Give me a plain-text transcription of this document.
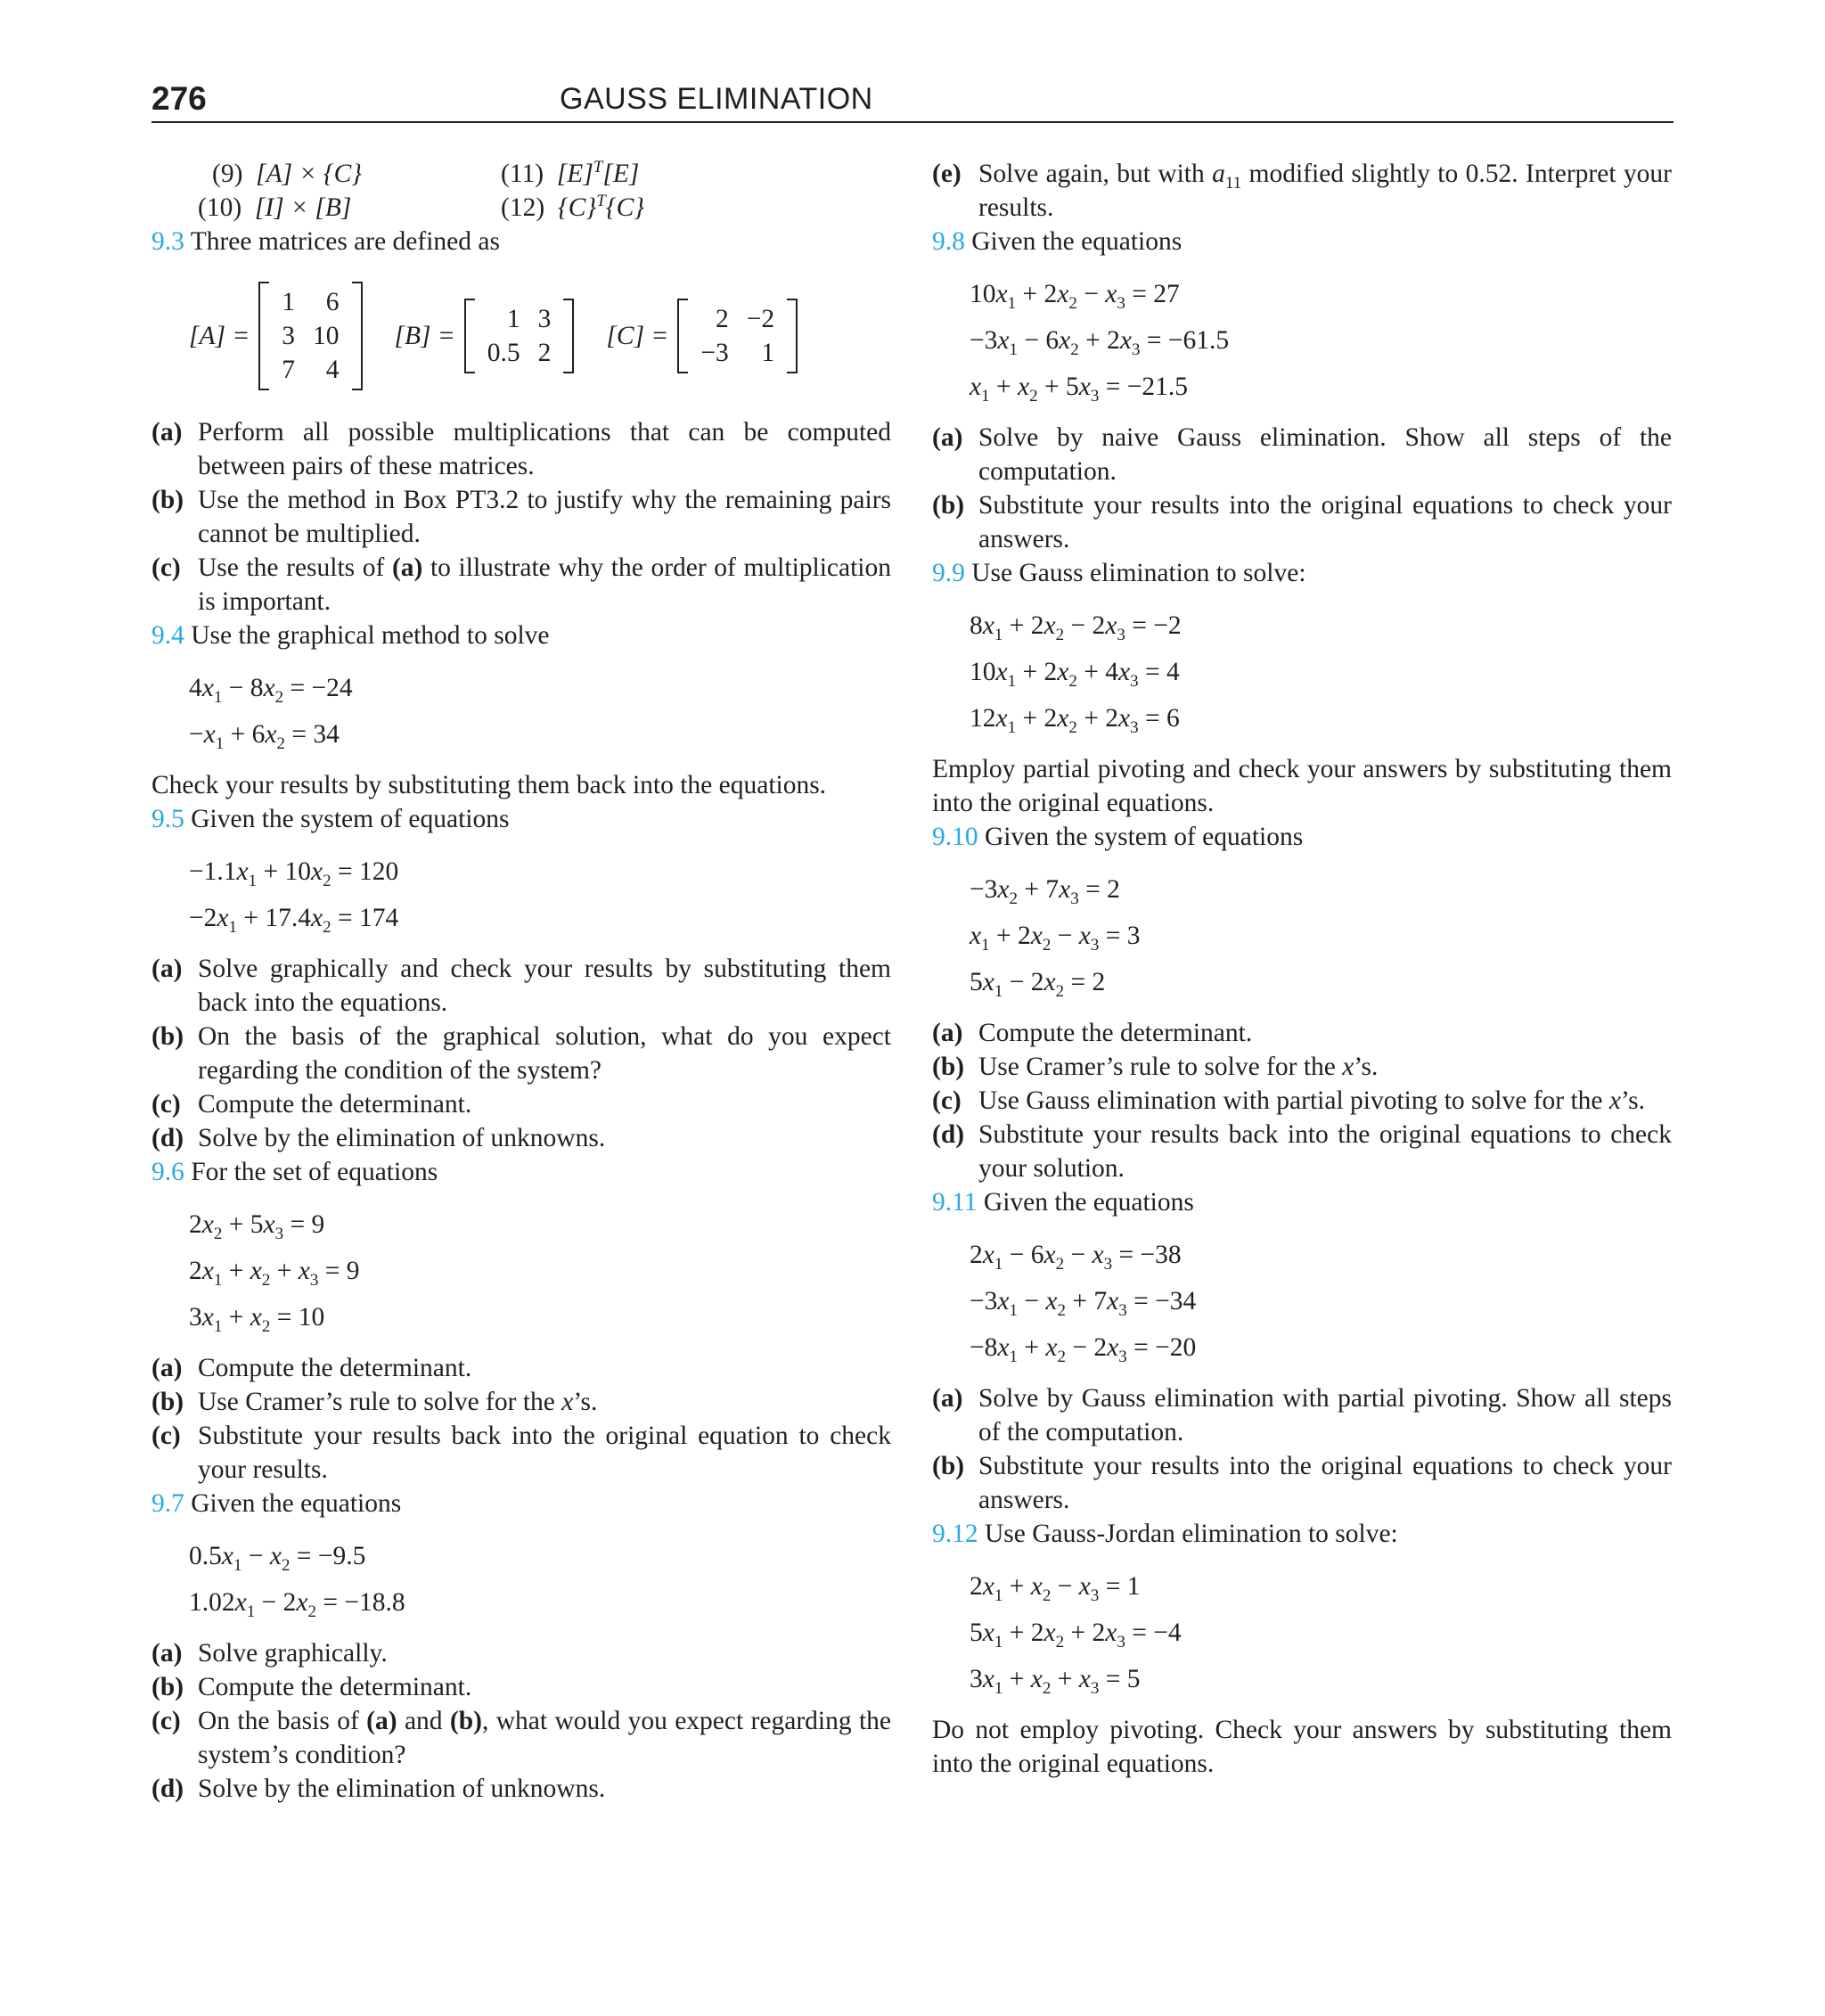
276	GAUSS ELIMINATION
(9) [A] × {C}	(11) $[E]^T[E]$
(10) [I] × [B]	(12) $\{C\}^T\{C\}$
9.3 Three matrices are defined as
[A] =
1	6
3	10
7	4
[B] =
1	3
0.5	2
[C] =
2	−2
−3	1
(a) Perform all possible multiplications that can be computed between pairs of these matrices.
(b) Use the method in Box PT3.2 to justify why the remaining pairs cannot be multiplied.
(c) Use the results of (a) to illustrate why the order of multiplication is important.
9.4 Use the graphical method to solve
$4x_1 - 8x_2 = -24$
$-x_1 + 6x_2 = 34$
Check your results by substituting them back into the equations.
9.5 Given the system of equations
$-1.1x_1 + 10x_2 = 120$
$-2x_1 + 17.4x_2 = 174$
(a) Solve graphically and check your results by substituting them back into the equations.
(b) On the basis of the graphical solution, what do you expect regarding the condition of the system?
(c) Compute the determinant.
(d) Solve by the elimination of unknowns.
9.6 For the set of equations
$2x_2 + 5x_3 = 9$
$2x_1 + x_2 + x_3 = 9$
$3x_1 + x_2 = 10$
(a) Compute the determinant.
(b) Use Cramer’s rule to solve for the x’s.
(c) Substitute your results back into the original equation to check your results.
9.7 Given the equations
$0.5x_1 - x_2 = -9.5$
$1.02x_1 - 2x_2 = -18.8$
(a) Solve graphically.
(b) Compute the determinant.
(c) On the basis of (a) and (b), what would you expect regarding the system’s condition?
(d) Solve by the elimination of unknowns.
(e) Solve again, but with $a_{11}$ modified slightly to 0.52. Interpret your results.
9.8 Given the equations
$10x_1 + 2x_2 - x_3 = 27$
$-3x_1 - 6x_2 + 2x_3 = -61.5$
$x_1 + x_2 + 5x_3 = -21.5$
(a) Solve by naive Gauss elimination. Show all steps of the computation.
(b) Substitute your results into the original equations to check your answers.
9.9 Use Gauss elimination to solve:
$8x_1 + 2x_2 - 2x_3 = -2$
$10x_1 + 2x_2 + 4x_3 = 4$
$12x_1 + 2x_2 + 2x_3 = 6$
Employ partial pivoting and check your answers by substituting them into the original equations.
9.10 Given the system of equations
$-3x_2 + 7x_3 = 2$
$x_1 + 2x_2 - x_3 = 3$
$5x_1 - 2x_2 = 2$
(a) Compute the determinant.
(b) Use Cramer’s rule to solve for the x’s.
(c) Use Gauss elimination with partial pivoting to solve for the x’s.
(d) Substitute your results back into the original equations to check your solution.
9.11 Given the equations
$2x_1 - 6x_2 - x_3 = -38$
$-3x_1 - x_2 + 7x_3 = -34$
$-8x_1 + x_2 - 2x_3 = -20$
(a) Solve by Gauss elimination with partial pivoting. Show all steps of the computation.
(b) Substitute your results into the original equations to check your answers.
9.12 Use Gauss-Jordan elimination to solve:
$2x_1 + x_2 - x_3 = 1$
$5x_1 + 2x_2 + 2x_3 = -4$
$3x_1 + x_2 + x_3 = 5$
Do not employ pivoting. Check your answers by substituting them into the original equations.
